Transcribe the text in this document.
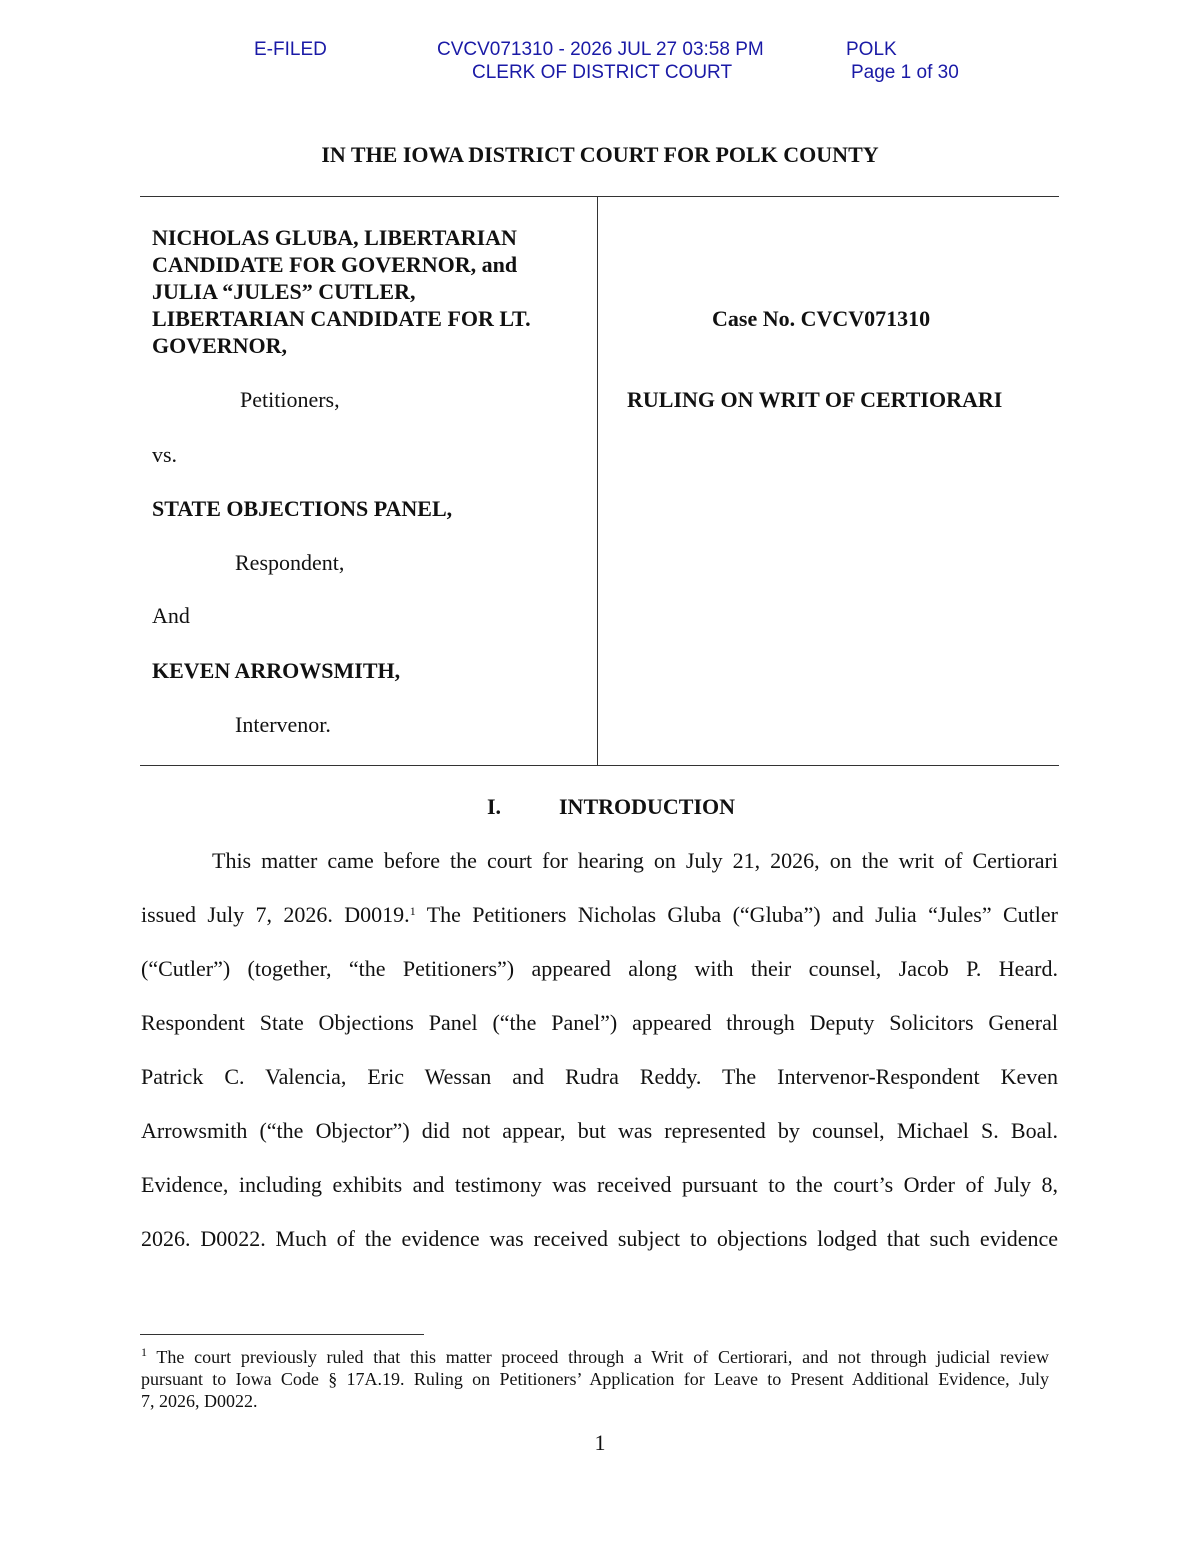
E-FILED	CVCV071310 - 2026 JUL 27 03:58 PM
CLERK OF DISTRICT COURT
POLK
Page 1 of 30
IN THE IOWA DISTRICT COURT FOR POLK COUNTY
NICHOLAS GLUBA, LIBERTARIAN
CANDIDATE FOR GOVERNOR, and
JULIA “JULES” CUTLER,
LIBERTARIAN CANDIDATE FOR LT.
GOVERNOR,
Petitioners,
vs.
STATE OBJECTIONS PANEL,
Respondent,
And
KEVEN ARROWSMITH,
Intervenor.
Case No. CVCV071310
RULING ON WRIT OF CERTIORARI
I.	INTRODUCTION
This matter came before the court for hearing on July 21, 2026, on the writ of Certiorari
issued July 7, 2026. D0019.$^1$ The Petitioners Nicholas Gluba (“Gluba”) and Julia “Jules” Cutler
(“Cutler”) (together, “the Petitioners”) appeared along with their counsel, Jacob P. Heard.
Respondent State Objections Panel (“the Panel”) appeared through Deputy Solicitors General
Patrick C. Valencia, Eric Wessan and Rudra Reddy. The Intervenor-Respondent Keven
Arrowsmith (“the Objector”) did not appear, but was represented by counsel, Michael S. Boal.
Evidence, including exhibits and testimony was received pursuant to the court’s Order of July 8,
2026. D0022. Much of the evidence was received subject to objections lodged that such evidence
$^1$ The court previously ruled that this matter proceed through a Writ of Certiorari, and not through judicial review
pursuant to Iowa Code § 17A.19. Ruling on Petitioners’ Application for Leave to Present Additional Evidence, July
7, 2026, D0022.
1
